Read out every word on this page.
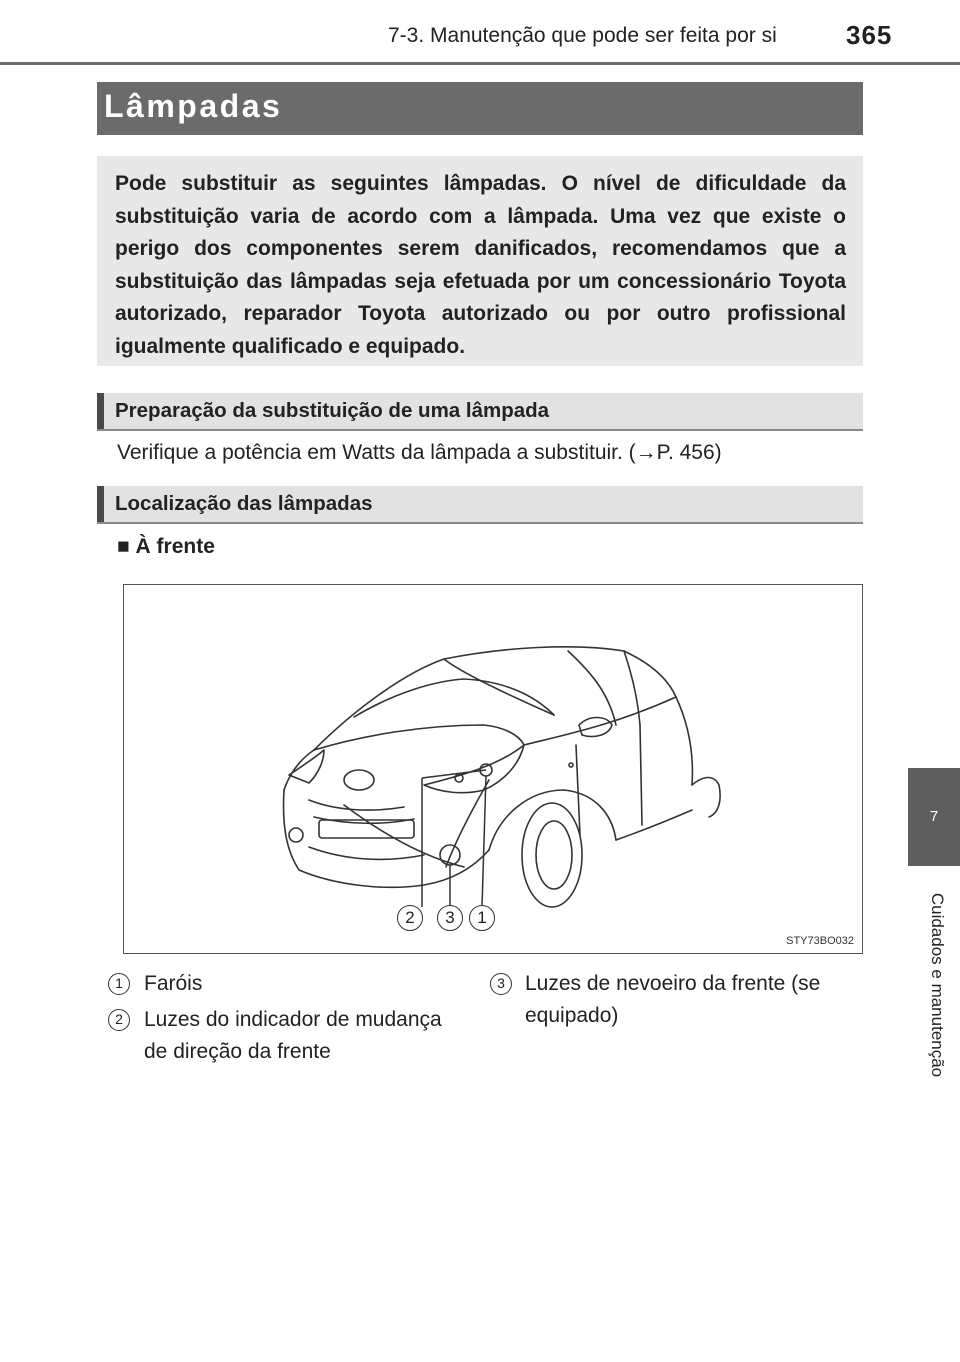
7-3. Manutenção que pode ser feita por si	365
7
Cuidados e manutenção
Lâmpadas

Pode substituir as seguintes lâmpadas. O nível de dificuldade da substituição varia de acordo com a lâmpada. Uma vez que existe o perigo dos componentes serem danificados, recomendamos que a substituição das lâmpadas seja efetuada por um concessionário Toyota autorizado, reparador Toyota autorizado ou por outro profissional igualmente qualificado e equipado.

Preparação da substituição de uma lâmpada
Verifique a potência em Watts da lâmpada a substituir. (→P. 456)
Localização das lâmpadas
■ À frente
2	3	1
STY73BO032
1	Faróis
2	Luzes do indicador de mudança de direção da frente
3 Luzes de nevoeiro da frente (se equipado)
